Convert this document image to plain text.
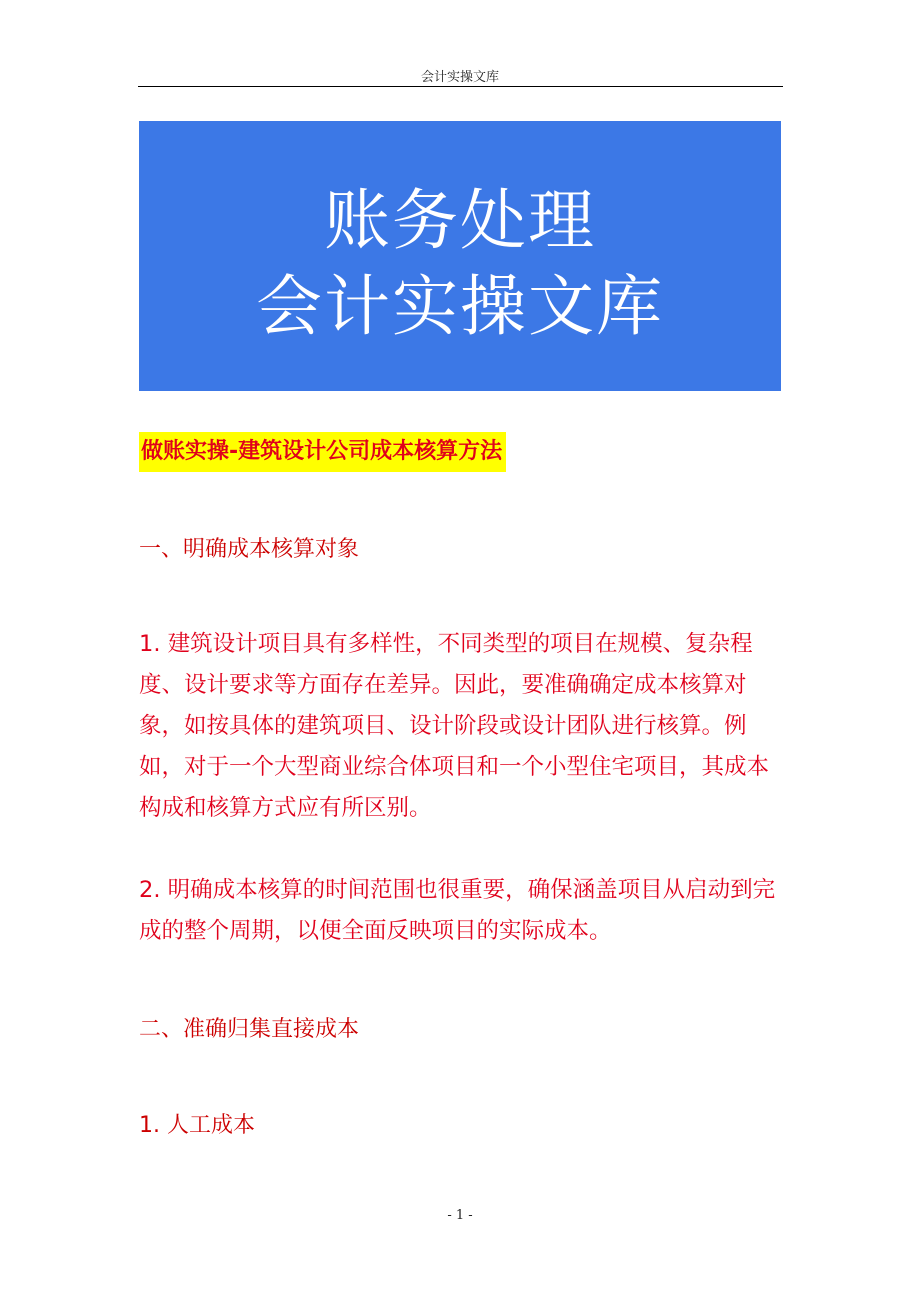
会计实操文库
账务处理
会计实操文库
做账实操-建筑设计公司成本核算方法
一、明确成本核算对象
1. 建筑设计项目具有多样性，不同类型的项目在规模、复杂程度、设计要求等方面存在差异。因此，要准确确定成本核算对象，如按具体的建筑项目、设计阶段或设计团队进行核算。例如，对于一个大型商业综合体项目和一个小型住宅项目，其成本构成和核算方式应有所区别。
2. 明确成本核算的时间范围也很重要，确保涵盖项目从启动到完成的整个周期，以便全面反映项目的实际成本。
二、准确归集直接成本
1. 人工成本
- 1 -
